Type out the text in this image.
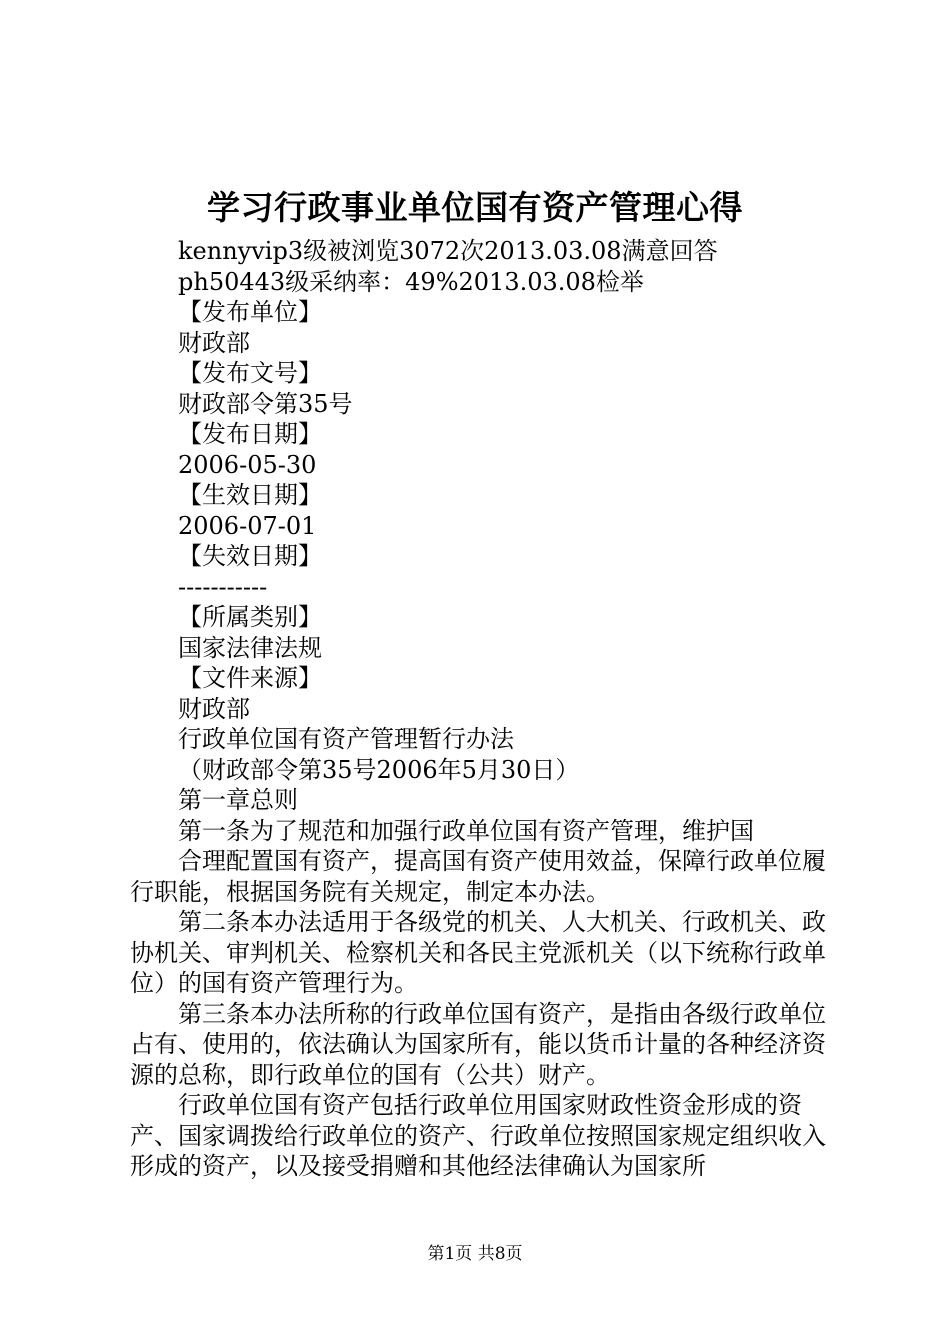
学习行政事业单位国有资产管理心得
kennyvip3级被浏览3072次2013.03.08满意回答
ph50443级采纳率：49%2013.03.08检举
【发布单位】
财政部
【发布文号】
财政部令第35号
【发布日期】
2006-05-30
【生效日期】
2006-07-01
【失效日期】
-----------
【所属类别】
国家法律法规
【文件来源】
财政部
行政单位国有资产管理暂行办法
（财政部令第35号2006年5月30日）
第一章总则
第一条为了规范和加强行政单位国有资产管理，维护国

合理配置国有资产，提高国有资产使用效益，保障行政单位履行职能，根据国务院有关规定，制定本办法。

第二条本办法适用于各级党的机关、人大机关、行政机关、政协机关、审判机关、检察机关和各民主党派机关（以下统称行政单位）的国有资产管理行为。

第三条本办法所称的行政单位国有资产，是指由各级行政单位占有、使用的，依法确认为国家所有，能以货币计量的各种经济资源的总称，即行政单位的国有（公共）财产。

行政单位国有资产包括行政单位用国家财政性资金形成的资产、国家调拨给行政单位的资产、行政单位按照国家规定组织收入形成的资产，以及接受捐赠和其他经法律确认为国家所

第1页 共8页
